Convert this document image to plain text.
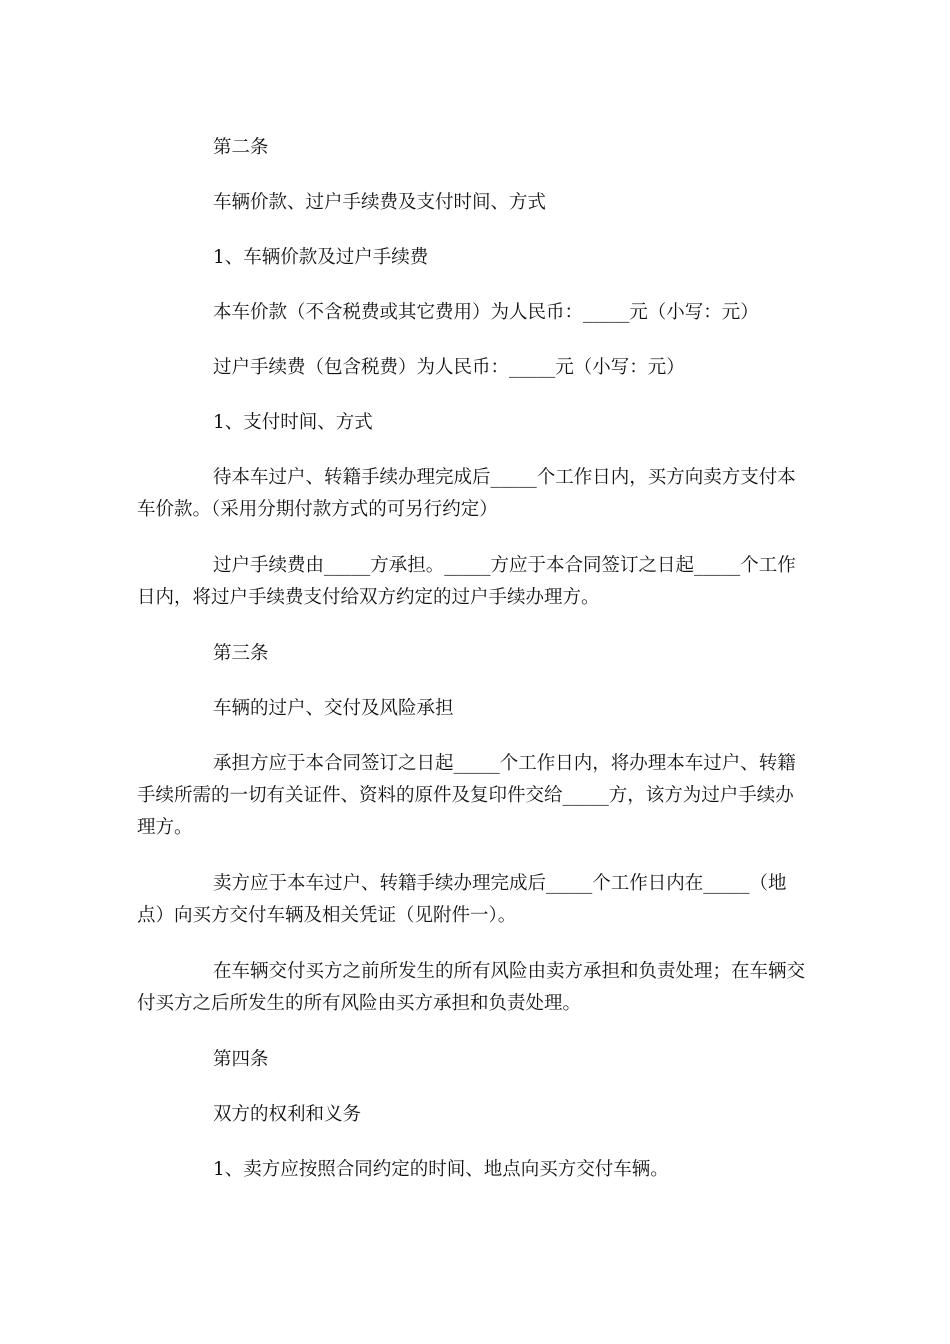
第二条

车辆价款、过户手续费及支付时间、方式

1、车辆价款及过户手续费

本车价款（不含税费或其它费用）为人民币：_____元（小写：元）

过户手续费（包含税费）为人民币：_____元（小写：元）

1、支付时间、方式

待本车过户、转籍手续办理完成后_____个工作日内，买方向卖方支付本车价款。（采用分期付款方式的可另行约定）

过户手续费由_____方承担。_____方应于本合同签订之日起_____个工作日内，将过户手续费支付给双方约定的过户手续办理方。

第三条

车辆的过户、交付及风险承担

承担方应于本合同签订之日起_____个工作日内，将办理本车过户、转籍手续所需的一切有关证件、资料的原件及复印件交给_____方，该方为过户手续办理方。

卖方应于本车过户、转籍手续办理完成后_____个工作日内在_____（地点）向买方交付车辆及相关凭证（见附件一）。

在车辆交付买方之前所发生的所有风险由卖方承担和负责处理；在车辆交付买方之后所发生的所有风险由买方承担和负责处理。

第四条

双方的权利和义务

1、卖方应按照合同约定的时间、地点向买方交付车辆。
